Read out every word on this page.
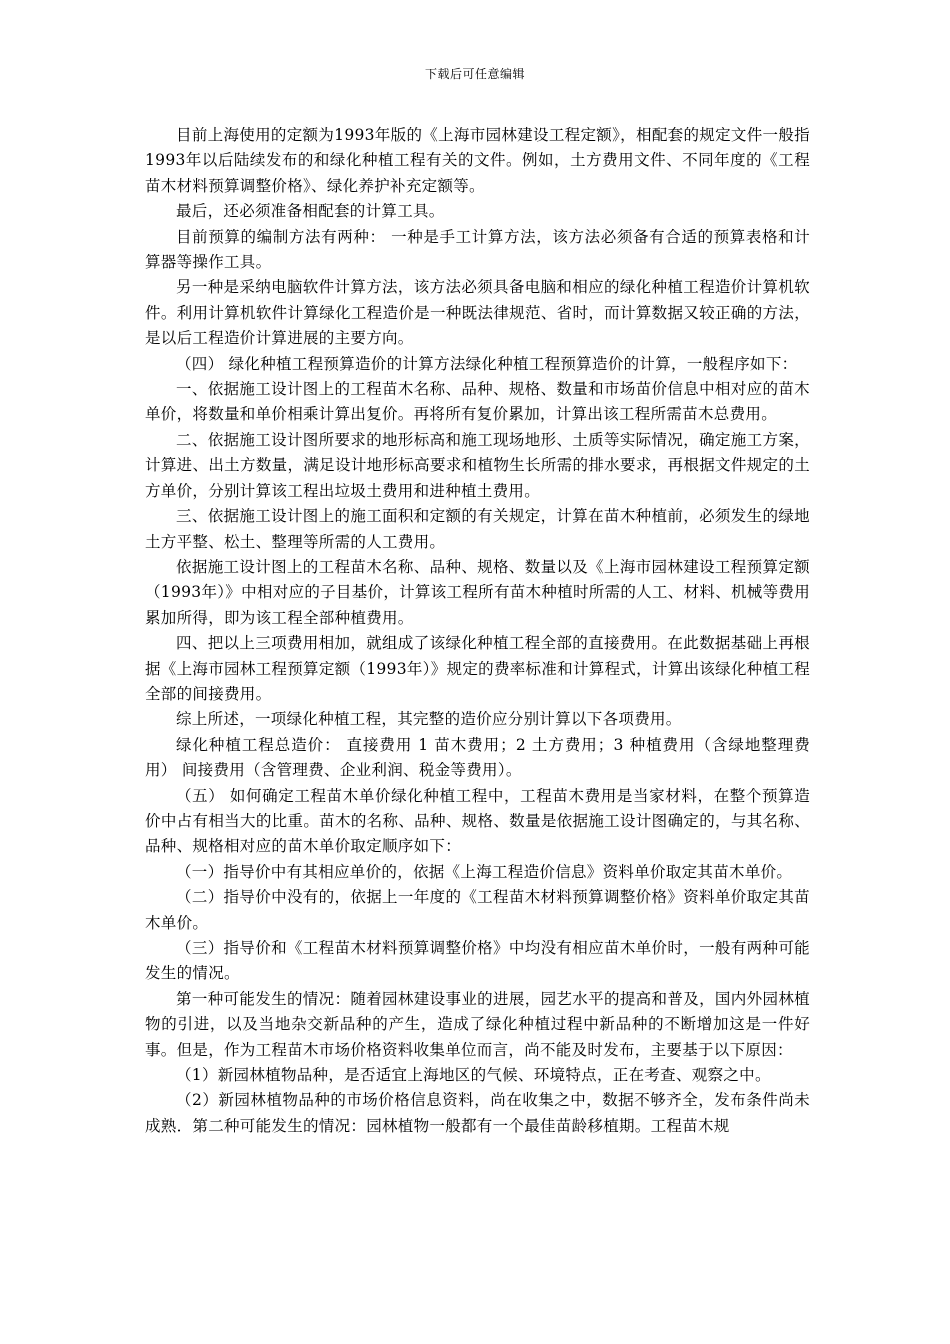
下载后可任意编辑

目前上海使用的定额为1993年版的《上海市园林建设工程定额》，相配套的规定文件一般指1993年以后陆续发布的和绿化种植工程有关的文件。例如，土方费用文件、不同年度的《工程苗木材料预算调整价格》、绿化养护补充定额等。

最后，还必须准备相配套的计算工具。

目前预算的编制方法有两种： 一种是手工计算方法，该方法必须备有合适的预算表格和计算器等操作工具。

另一种是采纳电脑软件计算方法，该方法必须具备电脑和相应的绿化种植工程造价计算机软件。利用计算机软件计算绿化工程造价是一种既法律规范、省时，而计算数据又较正确的方法，是以后工程造价计算进展的主要方向。

（四） 绿化种植工程预算造价的计算方法绿化种植工程预算造价的计算，一般程序如下：

一、依据施工设计图上的工程苗木名称、品种、规格、数量和市场苗价信息中相对应的苗木单价，将数量和单价相乘计算出复价。再将所有复价累加，计算出该工程所需苗木总费用。

二、依据施工设计图所要求的地形标高和施工现场地形、土质等实际情况，确定施工方案，计算进、出土方数量，满足设计地形标高要求和植物生长所需的排水要求，再根据文件规定的土方单价，分别计算该工程出垃圾土费用和进种植土费用。

三、依据施工设计图上的施工面积和定额的有关规定，计算在苗木种植前，必须发生的绿地土方平整、松土、整理等所需的人工费用。

依据施工设计图上的工程苗木名称、品种、规格、数量以及《上海市园林建设工程预算定额（1993年）》中相对应的子目基价，计算该工程所有苗木种植时所需的人工、材料、机械等费用累加所得，即为该工程全部种植费用。

四、把以上三项费用相加，就组成了该绿化种植工程全部的直接费用。在此数据基础上再根据《上海市园林工程预算定额（1993年）》规定的费率标准和计算程式，计算出该绿化种植工程全部的间接费用。

综上所述，一项绿化种植工程，其完整的造价应分别计算以下各项费用。

绿化种植工程总造价： 直接费用 1 苗木费用；2 土方费用；3 种植费用（含绿地整理费用） 间接费用（含管理费、企业利润、税金等费用）。

（五） 如何确定工程苗木单价绿化种植工程中，工程苗木费用是当家材料，在整个预算造价中占有相当大的比重。苗木的名称、品种、规格、数量是依据施工设计图确定的，与其名称、品种、规格相对应的苗木单价取定顺序如下：

（一）指导价中有其相应单价的，依据《上海工程造价信息》资料单价取定其苗木单价。

（二）指导价中没有的，依据上一年度的《工程苗木材料预算调整价格》资料单价取定其苗木单价。

（三）指导价和《工程苗木材料预算调整价格》中均没有相应苗木单价时，一般有两种可能发生的情况。

第一种可能发生的情况：随着园林建设事业的进展，园艺水平的提高和普及，国内外园林植物的引进，以及当地杂交新品种的产生，造成了绿化种植过程中新品种的不断增加这是一件好事。但是，作为工程苗木市场价格资料收集单位而言，尚不能及时发布，主要基于以下原因：

（1）新园林植物品种，是否适宜上海地区的气候、环境特点，正在考查、观察之中。

（2）新园林植物品种的市场价格信息资料，尚在收集之中，数据不够齐全，发布条件尚未成熟．第二种可能发生的情况：园林植物一般都有一个最佳苗龄移植期。工程苗木规
